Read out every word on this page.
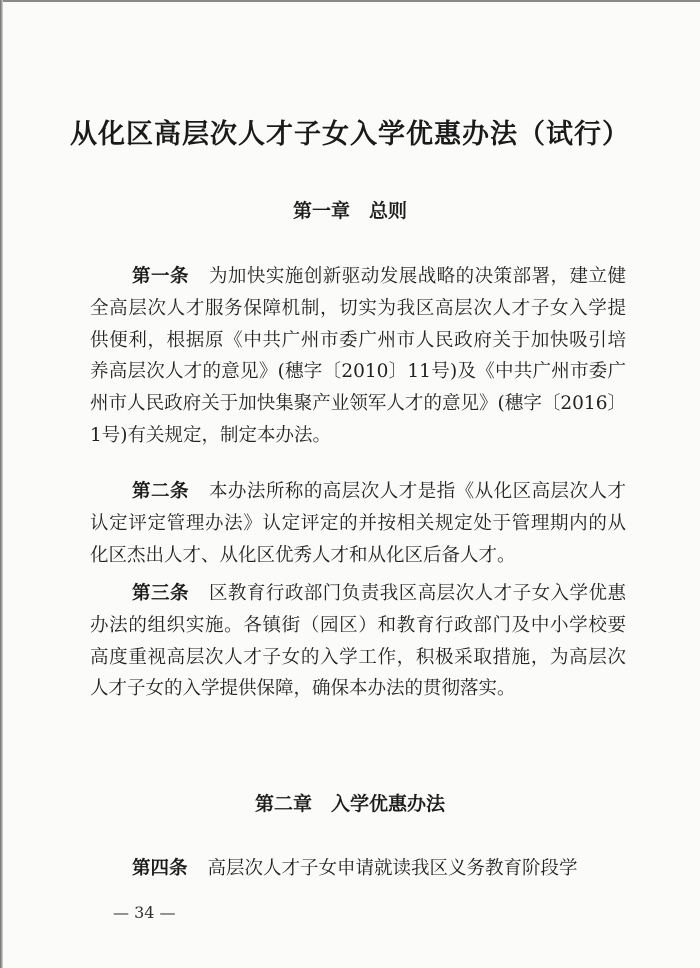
从化区高层次人才子女入学优惠办法（试行）
第一章　总则

第一条 为加快实施创新驱动发展战略的决策部署，建立健全高层次人才服务保障机制，切实为我区高层次人才子女入学提供便利，根据原《中共广州市委广州市人民政府关于加快吸引培养高层次人才的意见》(穗字〔2010〕11号)及《中共广州市委广州市人民政府关于加快集聚产业领军人才的意见》(穗字〔2016〕1号)有关规定，制定本办法。

第二条 本办法所称的高层次人才是指《从化区高层次人才认定评定管理办法》认定评定的并按相关规定处于管理期内的从化区杰出人才、从化区优秀人才和从化区后备人才。

第三条 区教育行政部门负责我区高层次人才子女入学优惠办法的组织实施。各镇街（园区）和教育行政部门及中小学校要高度重视高层次人才子女的入学工作，积极采取措施，为高层次人才子女的入学提供保障，确保本办法的贯彻落实。

第二章　入学优惠办法

第四条 高层次人才子女申请就读我区义务教育阶段学

— 34 —
